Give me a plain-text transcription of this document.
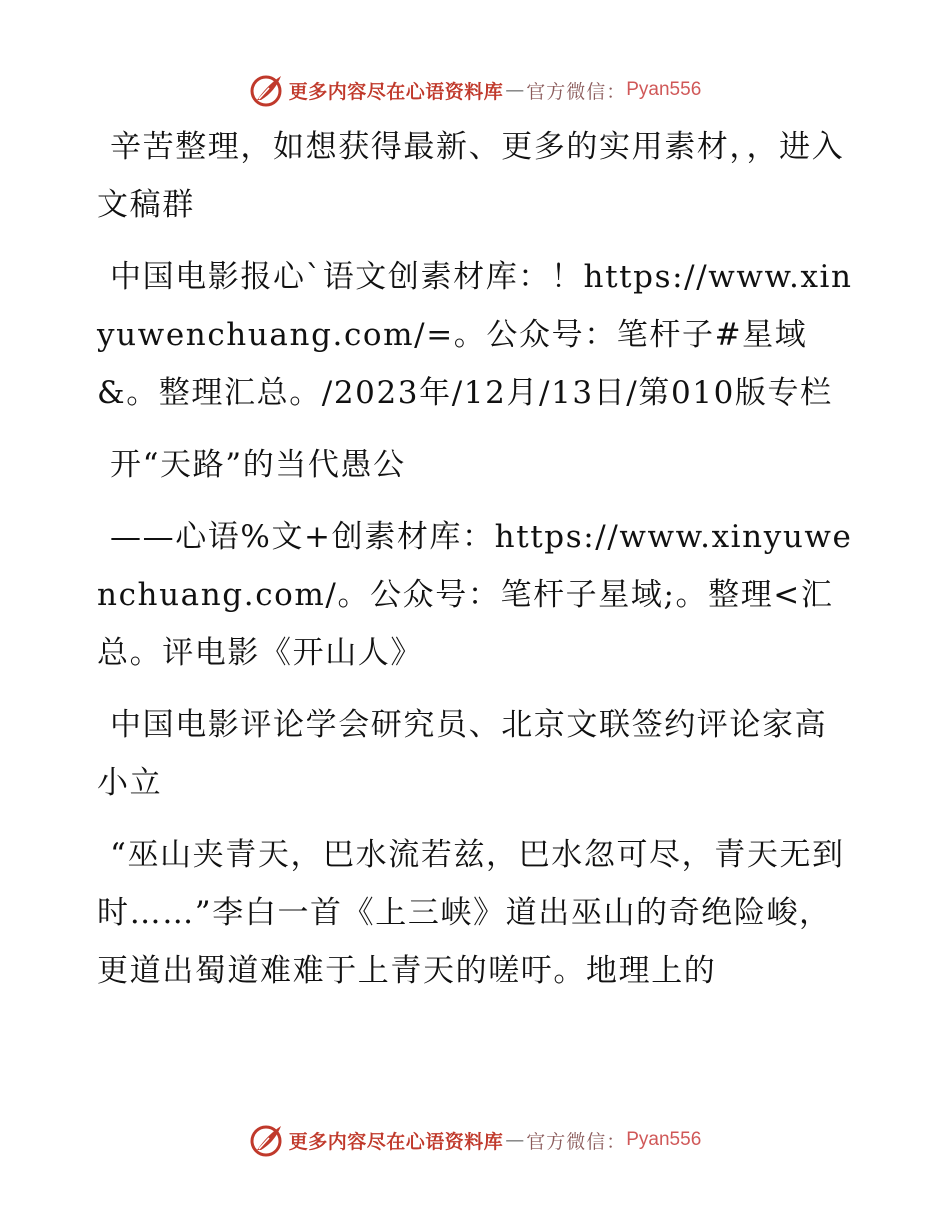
更多内容尽在心语资料库 — 官方微信： Pyan556

辛苦整理，如想获得最新、更多的实用素材，，进入文稿群

中国电影报心`语文创素材库：！https://www.xinyuwenchuang.com/=。公众号：笔杆子#星域&。整理汇总。/2023年/12月/13日/第010版专栏

开“天路”的当代愚公

——心语%文+创素材库：https://www.xinyuwenchuang.com/。公众号：笔杆子星域;。整理<汇总。评电影《开山人》

中国电影评论学会研究员、北京文联签约评论家高小立

“巫山夹青天，巴水流若兹，巴水忽可尽，青天无到时……”李白一首《上三峡》道出巫山的奇绝险峻，更道出蜀道难难于上青天的嗟吁。地理上的

更多内容尽在心语资料库 — 官方微信： Pyan556
